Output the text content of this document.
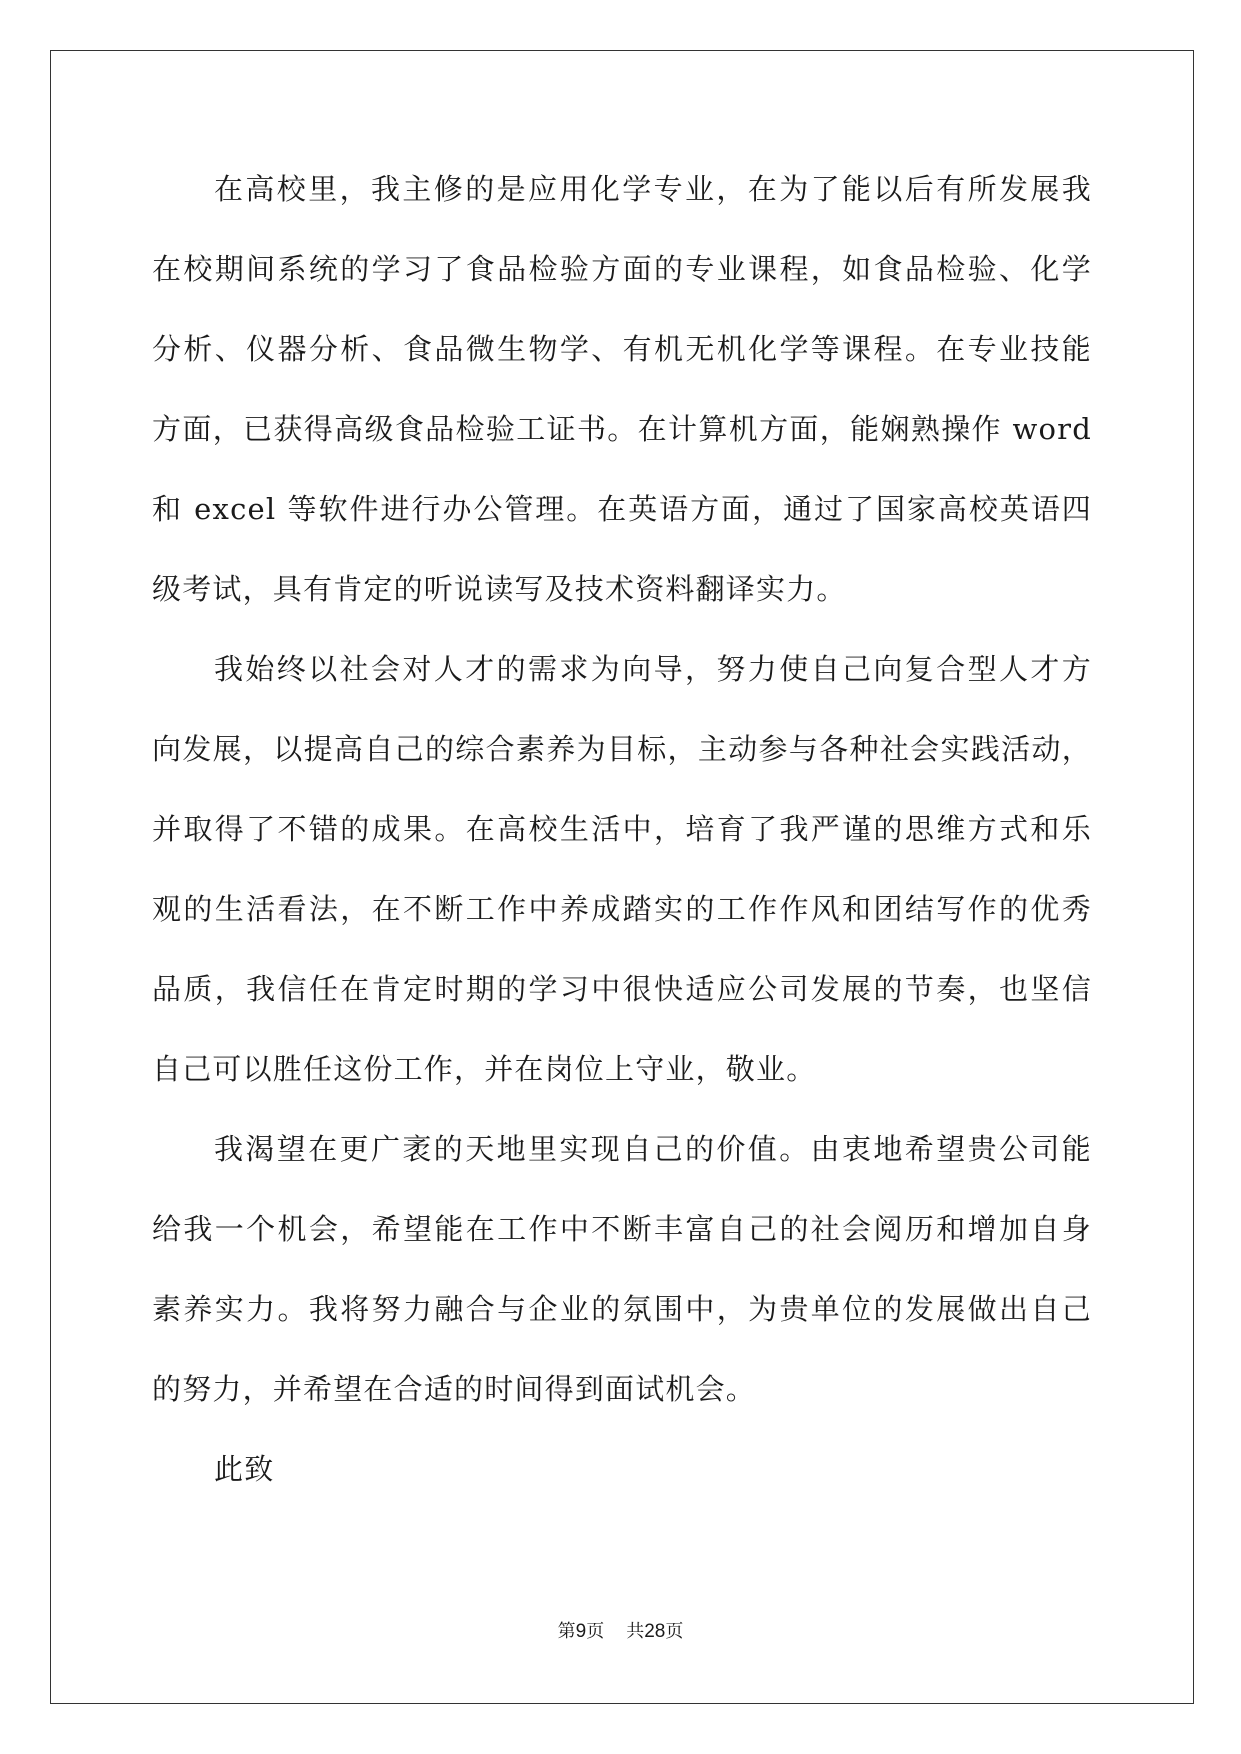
在高校里，我主修的是应用化学专业，在为了能以后有所发展我
在校期间系统的学习了食品检验方面的专业课程，如食品检验、化学
分析、仪器分析、食品微生物学、有机无机化学等课程。在专业技能
方面，已获得高级食品检验工证书。在计算机方面，能娴熟操作 word
和 excel 等软件进行办公管理。在英语方面，通过了国家高校英语四
级考试，具有肯定的听说读写及技术资料翻译实力。
我始终以社会对人才的需求为向导，努力使自己向复合型人才方
向发展，以提高自己的综合素养为目标，主动参与各种社会实践活动，
并取得了不错的成果。在高校生活中，培育了我严谨的思维方式和乐
观的生活看法，在不断工作中养成踏实的工作作风和团结写作的优秀
品质，我信任在肯定时期的学习中很快适应公司发展的节奏，也坚信
自己可以胜任这份工作，并在岗位上守业，敬业。
我渴望在更广袤的天地里实现自己的价值。由衷地希望贵公司能
给我一个机会，希望能在工作中不断丰富自己的社会阅历和增加自身
素养实力。我将努力融合与企业的氛围中，为贵单位的发展做出自己
的努力，并希望在合适的时间得到面试机会。
此致
第9页 共28页
